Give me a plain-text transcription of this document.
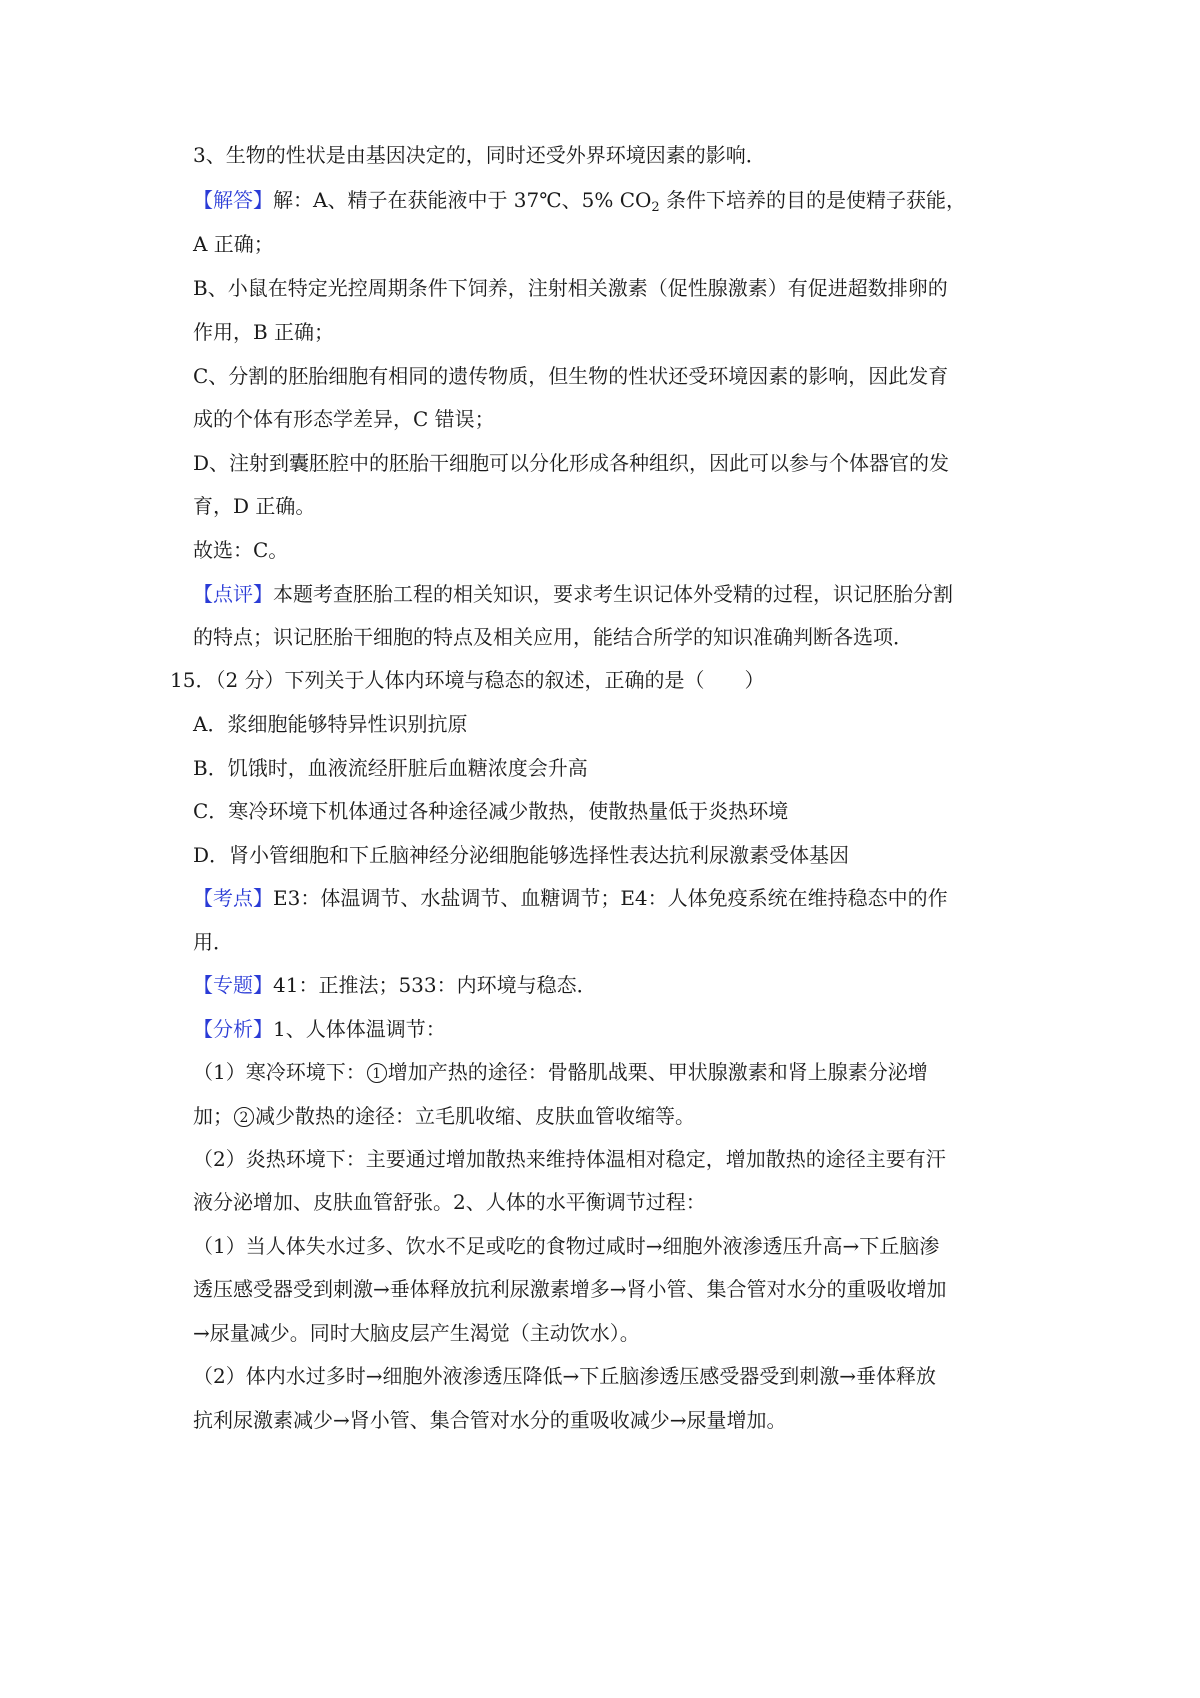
3、生物的性状是由基因决定的，同时还受外界环境因素的影响．
【解答】解：A、精子在获能液中于 37℃、5% $CO_2$ 条件下培养的目的是使精子获能，
A 正确；
B、小鼠在特定光控周期条件下饲养，注射相关激素（促性腺激素）有促进超数排卵的
作用，B 正确；
C、分割的胚胎细胞有相同的遗传物质，但生物的性状还受环境因素的影响，因此发育
成的个体有形态学差异，C 错误；
D、注射到囊胚腔中的胚胎干细胞可以分化形成各种组织，因此可以参与个体器官的发
育，D 正确。
故选：C。
【点评】本题考查胚胎工程的相关知识，要求考生识记体外受精的过程，识记胚胎分割
的特点；识记胚胎干细胞的特点及相关应用，能结合所学的知识准确判断各选项．
15．（2 分）下列关于人体内环境与稳态的叙述，正确的是（　　）
A．浆细胞能够特异性识别抗原
B．饥饿时，血液流经肝脏后血糖浓度会升高
C．寒冷环境下机体通过各种途径减少散热，使散热量低于炎热环境
D．肾小管细胞和下丘脑神经分泌细胞能够选择性表达抗利尿激素受体基因
【考点】E3：体温调节、水盐调节、血糖调节；E4：人体免疫系统在维持稳态中的作
用．
【专题】41：正推法；533：内环境与稳态．
【分析】1、人体体温调节：
（1）寒冷环境下： 1 增加产热的途径：骨骼肌战栗、甲状腺激素和肾上腺素分泌增
加； 2 减少散热的途径：立毛肌收缩、皮肤血管收缩等。
（2）炎热环境下：主要通过增加散热来维持体温相对稳定，增加散热的途径主要有汗
液分泌增加、皮肤血管舒张。2、人体的水平衡调节过程：
（1）当人体失水过多、饮水不足或吃的食物过咸时→细胞外液渗透压升高→下丘脑渗
透压感受器受到刺激→垂体释放抗利尿激素增多→肾小管、集合管对水分的重吸收增加
→尿量减少。同时大脑皮层产生渴觉（主动饮水）。
（2）体内水过多时→细胞外液渗透压降低→下丘脑渗透压感受器受到刺激→垂体释放
抗利尿激素减少→肾小管、集合管对水分的重吸收减少→尿量增加。
